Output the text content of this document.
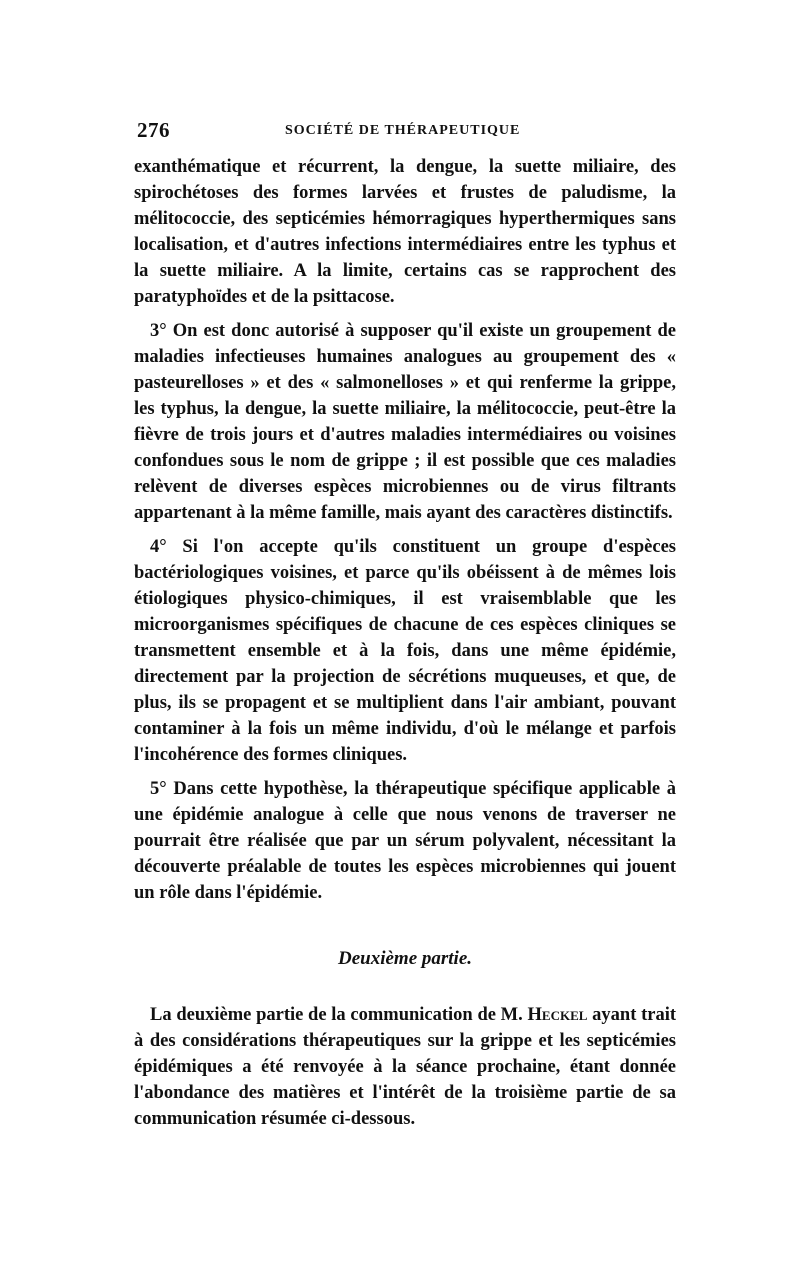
276	SOCIÉTÉ DE THÉRAPEUTIQUE

exanthématique et récurrent, la dengue, la suette miliaire, des spirochétoses des formes larvées et frustes de paludisme, la mélitococcie, des septicémies hémorragiques hyperthermiques sans localisation, et d'autres infections intermédiaires entre les typhus et la suette miliaire. A la limite, certains cas se rapprochent des paratyphoïdes et de la psittacose.

3° On est donc autorisé à supposer qu'il existe un groupement de maladies infectieuses humaines analogues au groupement des « pasteurelloses » et des « salmonelloses » et qui renferme la grippe, les typhus, la dengue, la suette miliaire, la mélitococcie, peut-être la fièvre de trois jours et d'autres maladies intermédiaires ou voisines confondues sous le nom de grippe ; il est possible que ces maladies relèvent de diverses espèces microbiennes ou de virus filtrants appartenant à la même famille, mais ayant des caractères distinctifs.

4° Si l'on accepte qu'ils constituent un groupe d'espèces bactériologiques voisines, et parce qu'ils obéissent à de mêmes lois étiologiques physico-chimiques, il est vraisemblable que les microorganismes spécifiques de chacune de ces espèces cliniques se transmettent ensemble et à la fois, dans une même épidémie, directement par la projection de sécrétions muqueuses, et que, de plus, ils se propagent et se multiplient dans l'air ambiant, pouvant contaminer à la fois un même individu, d'où le mélange et parfois l'incohérence des formes cliniques.

5° Dans cette hypothèse, la thérapeutique spécifique applicable à une épidémie analogue à celle que nous venons de traverser ne pourrait être réalisée que par un sérum polyvalent, nécessitant la découverte préalable de toutes les espèces microbiennes qui jouent un rôle dans l'épidémie.

Deuxième partie.

La deuxième partie de la communication de M. Heckel ayant trait à des considérations thérapeutiques sur la grippe et les septicémies épidémiques a été renvoyée à la séance prochaine, étant donnée l'abondance des matières et l'intérêt de la troisième partie de sa communication résumée ci-dessous.
